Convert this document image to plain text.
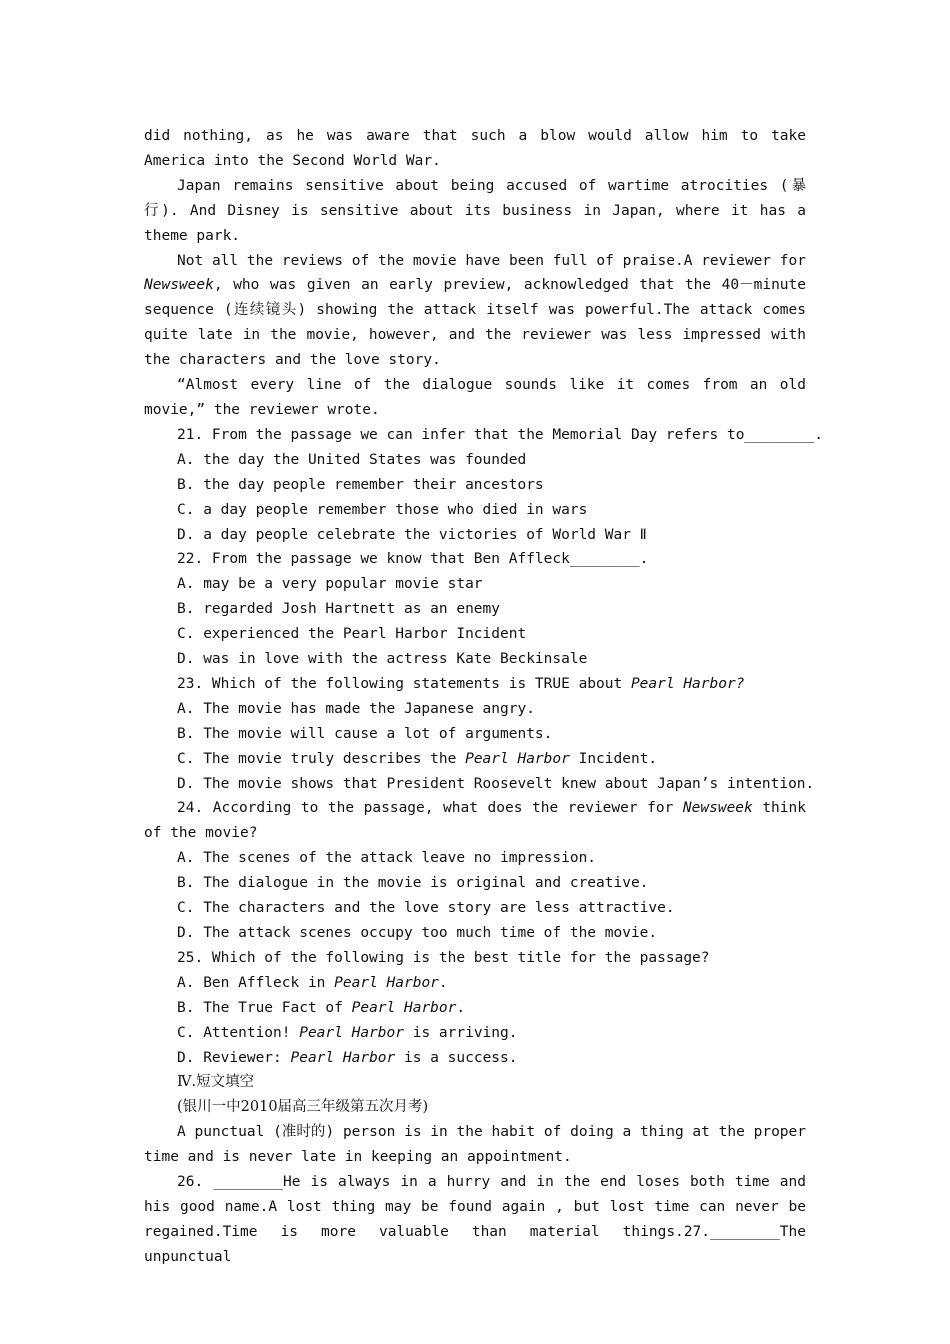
did nothing, as he was aware that such a blow would allow him to take America into the Second World War.

Japan remains sensitive about being accused of wartime atrocities (暴行). And Disney is sensitive about its business in Japan, where it has a theme park.

Not all the reviews of the movie have been full of praise.A reviewer for Newsweek, who was given an early preview, acknowledged that the 40－minute sequence (连续镜头) showing the attack itself was powerful.The attack comes quite late in the movie, however, and the reviewer was less impressed with the characters and the love story.

“Almost every line of the dialogue sounds like it comes from an old movie,” the reviewer wrote.

21. From the passage we can infer that the Memorial Day refers to________.

A. the day the United States was founded

B. the day people remember their ancestors

C. a day people remember those who died in wars

D. a day people celebrate the victories of World War Ⅱ

22. From the passage we know that Ben Affleck________.

A. may be a very popular movie star

B. regarded Josh Hartnett as an enemy

C. experienced the Pearl Harbor Incident

D. was in love with the actress Kate Beckinsale

23. Which of the following statements is TRUE about Pearl Harbor?

A. The movie has made the Japanese angry.

B. The movie will cause a lot of arguments.

C. The movie truly describes the Pearl Harbor Incident.

D. The movie shows that President Roosevelt knew about Japan’s intention.

24. According to the passage, what does the reviewer for Newsweek think of the movie?

A. The scenes of the attack leave no impression.

B. The dialogue in the movie is original and creative.

C. The characters and the love story are less attractive.

D. The attack scenes occupy too much time of the movie.

25. Which of the following is the best title for the passage?

A. Ben Affleck in Pearl Harbor.

B. The True Fact of Pearl Harbor.

C. Attention! Pearl Harbor is arriving.

D. Reviewer: Pearl Harbor is a success.

Ⅳ.短文填空

(银川一中2010届高三年级第五次月考)

A punctual (准时的) person is in the habit of doing a thing at the proper time and is never late in keeping an appointment.

26. ________He is always in a hurry and in the end loses both time and his good name.A lost thing may be found again , but lost time can never be regained.Time is more valuable than material things.27.________The unpunctual
